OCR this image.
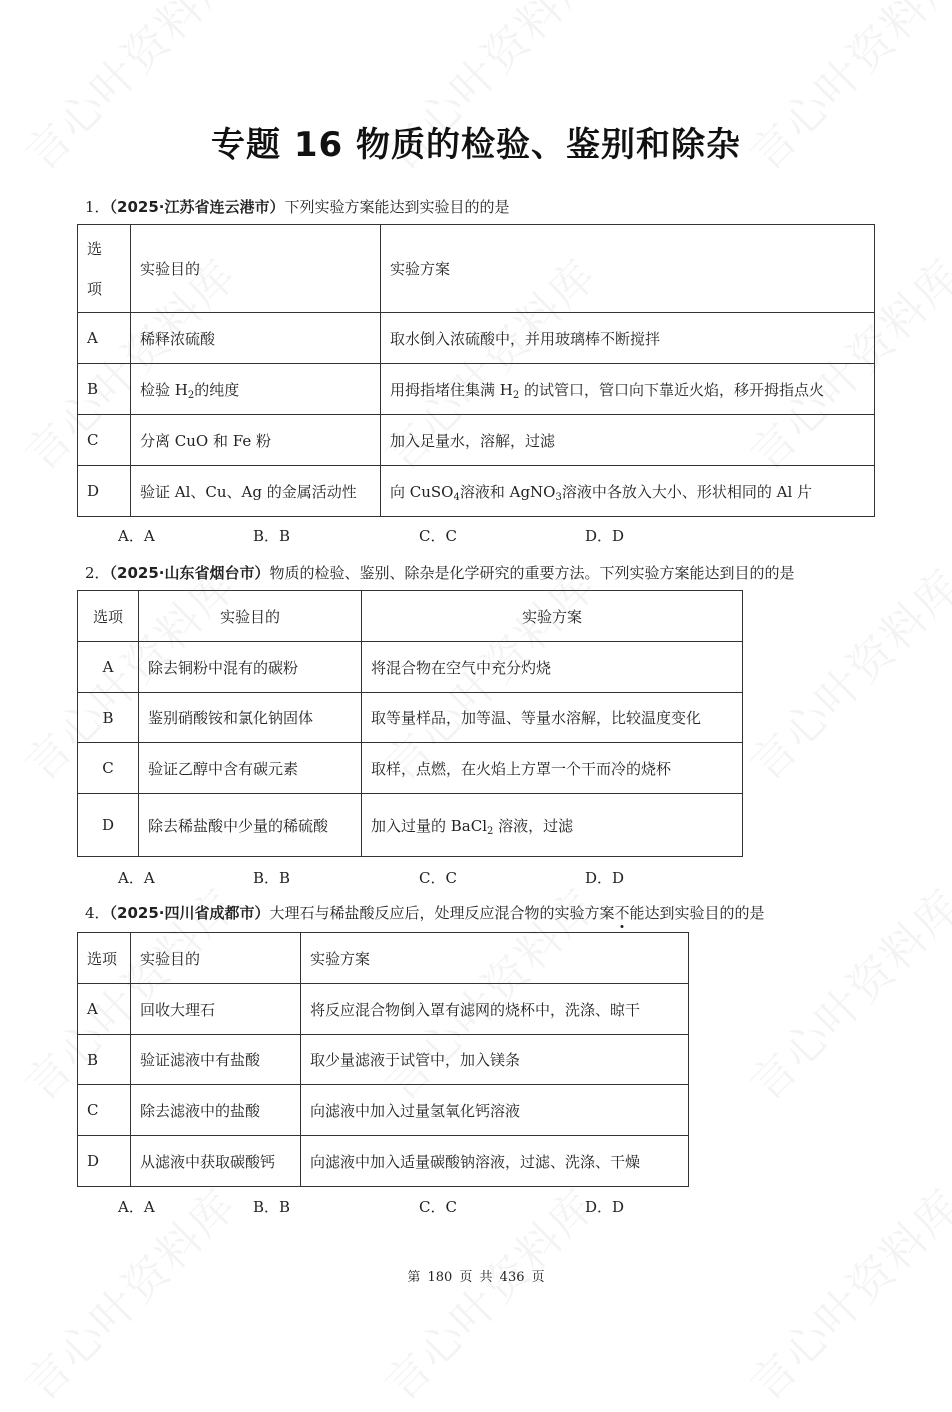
专题 16 物质的检验、鉴别和除杂
1．（2025·江苏省连云港市）下列实验方案能达到实验目的的是
选
项	实验目的	实验方案
A	稀释浓硫酸	取水倒入浓硫酸中，并用玻璃棒不断搅拌
B	检验 $H_2$的纯度	用拇指堵住集满 $H_2$ 的试管口，管口向下靠近火焰，移开拇指点火
C	分离 CuO 和 Fe 粉	加入足量水，溶解，过滤
D	验证 Al、Cu、Ag 的金属活动性	向 CuSO$_4$溶液和 AgNO$_3$溶液中各放入大小、形状相同的 Al 片
A．A	B．B	C．C	D．D
2．（2025·山东省烟台市）物质的检验、鉴别、除杂是化学研究的重要方法。下列实验方案能达到目的的是
选项	实验目的	实验方案
A	除去铜粉中混有的碳粉	将混合物在空气中充分灼烧
B	鉴别硝酸铵和氯化钠固体	取等量样品，加等温、等量水溶解，比较温度变化
C	验证乙醇中含有碳元素	取样，点燃，在火焰上方罩一个干而冷的烧杯
D	除去稀盐酸中少量的稀硫酸	加入过量的 BaCl$_2$ 溶液，过滤
A．A	B．B	C．C	D．D
4．（2025·四川省成都市）大理石与稀盐酸反应后，处理反应混合物的实验方案不能达到实验目的的是
选项	实验目的	实验方案
A	回收大理石	将反应混合物倒入罩有滤网的烧杯中，洗涤、晾干
B	验证滤液中有盐酸	取少量滤液于试管中，加入镁条
C	除去滤液中的盐酸	向滤液中加入过量氢氧化钙溶液
D	从滤液中获取碳酸钙	向滤液中加入适量碳酸钠溶液，过滤、洗涤、干燥
A．A	B．B	C．C	D．D
第 180 页 共 436 页
